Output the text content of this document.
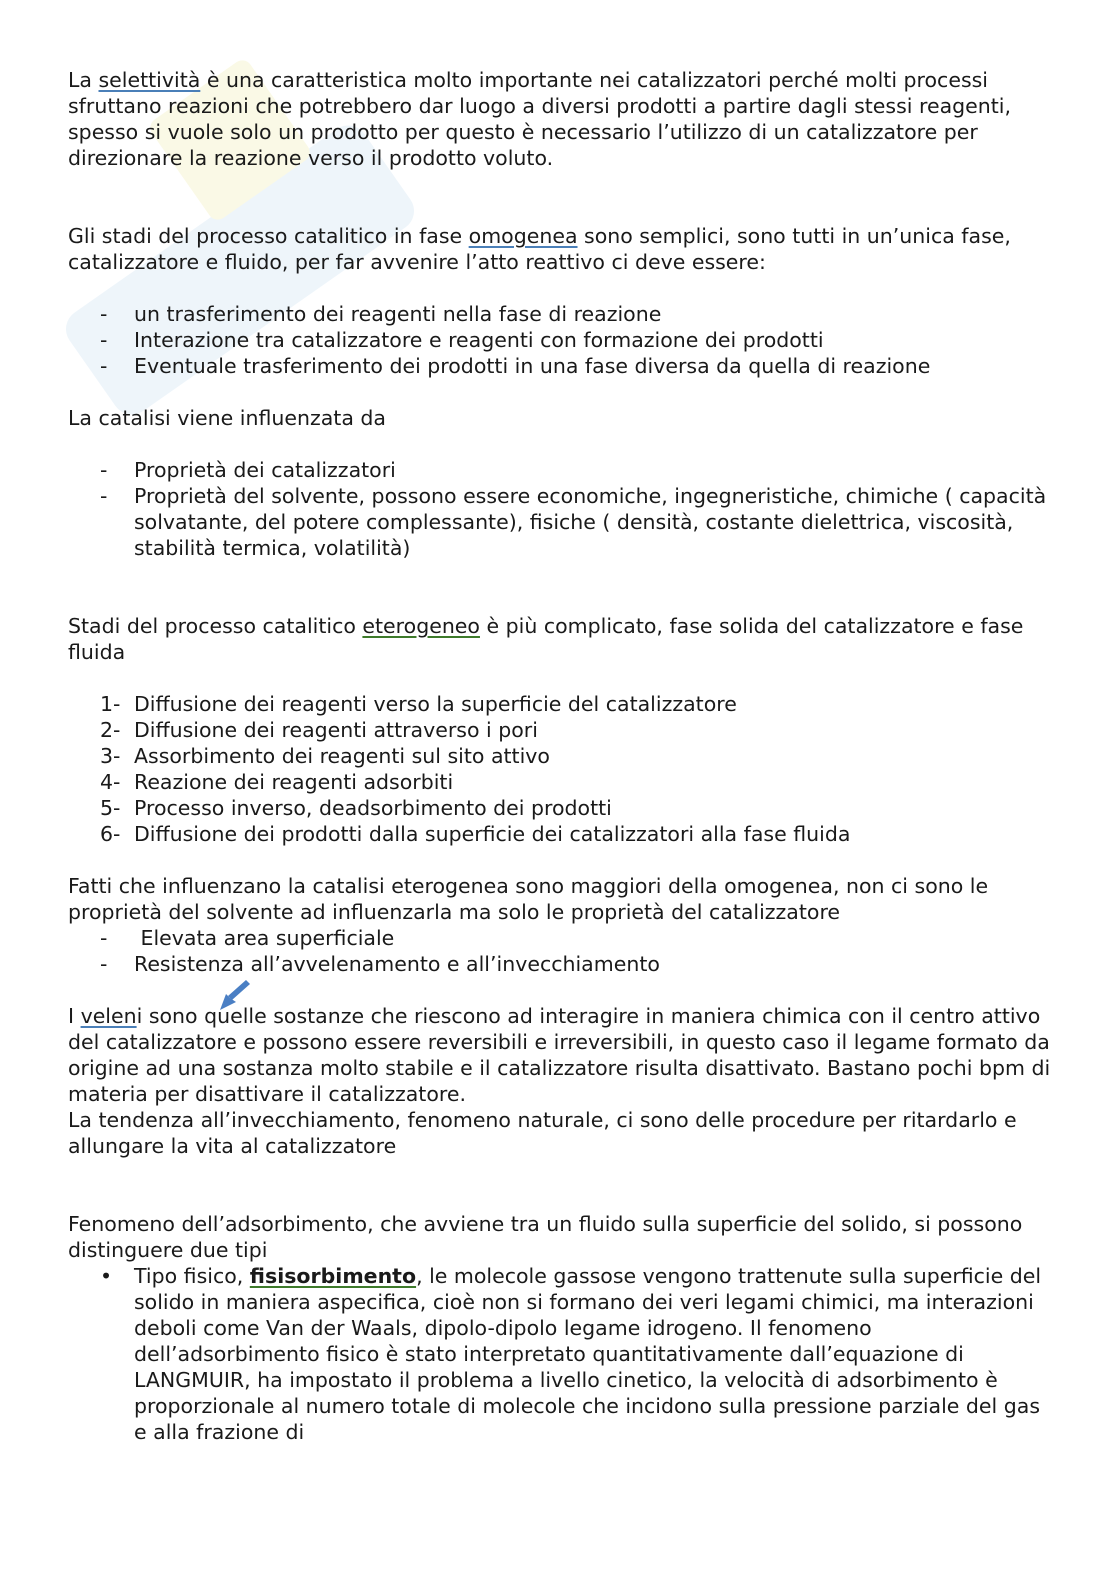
La selettività è una caratteristica molto importante nei catalizzatori perché molti processi sfruttano reazioni che potrebbero dar luogo a diversi prodotti a partire dagli stessi reagenti, spesso si vuole solo un prodotto per questo è necessario l’utilizzo di un catalizzatore per direzionare la reazione verso il prodotto voluto.

Gli stadi del processo catalitico in fase omogenea sono semplici, sono tutti in un’unica fase, catalizzatore e fluido, per far avvenire l’atto reattivo ci deve essere:

- un trasferimento dei reagenti nella fase di reazione
- Interazione tra catalizzatore e reagenti con formazione dei prodotti
- Eventuale trasferimento dei prodotti in una fase diversa da quella di reazione

La catalisi viene influenzata da

- Proprietà dei catalizzatori
- Proprietà del solvente, possono essere economiche, ingegneristiche, chimiche ( capacità solvatante, del potere complessante), fisiche ( densità, costante dielettrica, viscosità, stabilità termica, volatilità)

Stadi del processo catalitico eterogeneo è più complicato, fase solida del catalizzatore e fase fluida

1- Diffusione dei reagenti verso la superficie del catalizzatore
2- Diffusione dei reagenti attraverso i pori
3- Assorbimento dei reagenti sul sito attivo
4- Reazione dei reagenti adsorbiti
5- Processo inverso, deadsorbimento dei prodotti
6- Diffusione dei prodotti dalla superficie dei catalizzatori alla fase fluida

Fatti che influenzano la catalisi eterogenea sono maggiori della omogenea, non ci sono le proprietà del solvente ad influenzarla ma solo le proprietà del catalizzatore

- Elevata area superficiale
- Resistenza all’avvelenamento e all’invecchiamento

I veleni sono quelle sostanze che riescono ad interagire in maniera chimica con il centro attivo del catalizzatore e possono essere reversibili e irreversibili, in questo caso il legame formato da origine ad una sostanza molto stabile e il catalizzatore risulta disattivato. Bastano pochi bpm di materia per disattivare il catalizzatore.

La tendenza all’invecchiamento, fenomeno naturale, ci sono delle procedure per ritardarlo e allungare la vita al catalizzatore

Fenomeno dell’adsorbimento, che avviene tra un fluido sulla superficie del solido, si possono distinguere due tipi

• Tipo fisico, fisisorbimento, le molecole gassose vengono trattenute sulla superficie del solido in maniera aspecifica, cioè non si formano dei veri legami chimici, ma interazioni deboli come Van der Waals, dipolo-dipolo legame idrogeno. Il fenomeno dell’adsorbimento fisico è stato interpretato quantitativamente dall’equazione di LANGMUIR, ha impostato il problema a livello cinetico, la velocità di adsorbimento è proporzionale al numero totale di molecole che incidono sulla pressione parziale del gas e alla frazione di
